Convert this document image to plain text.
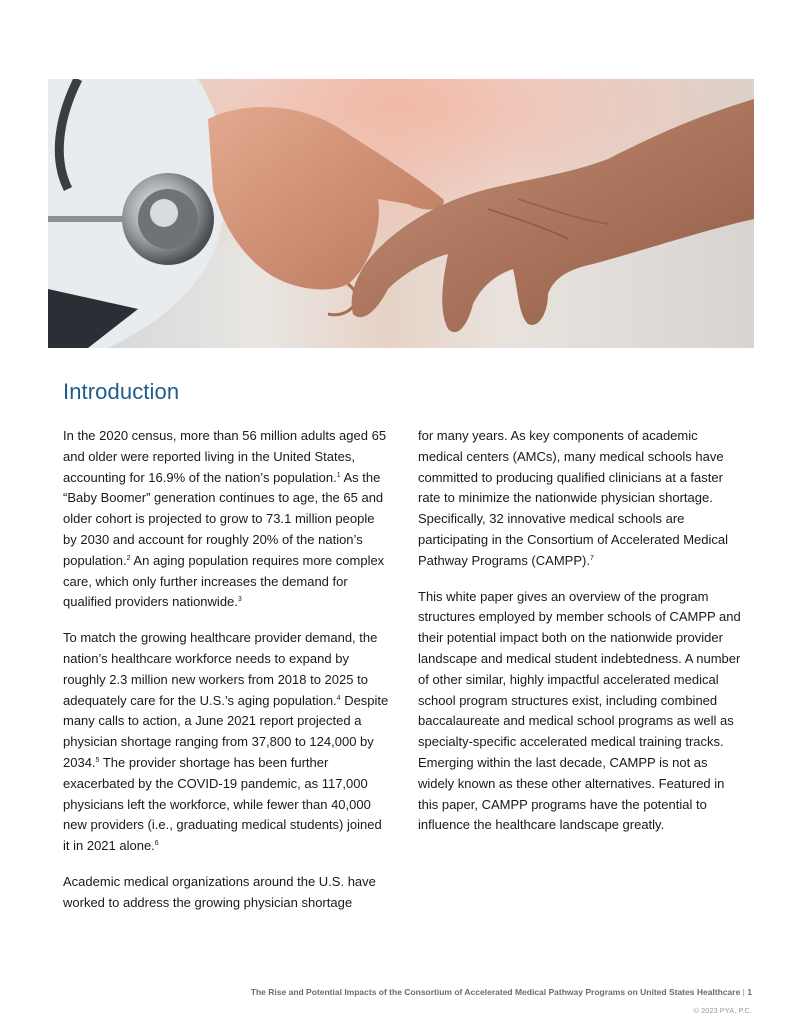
Introduction

In the 2020 census, more than 56 million adults aged 65 and older were reported living in the United States, accounting for 16.9% of the nation’s population.$^1$ As the “Baby Boomer” generation continues to age, the 65 and older cohort is projected to grow to 73.1 million people by 2030 and account for roughly 20% of the nation’s population.$^2$ An aging population requires more complex care, which only further increases the demand for qualified providers nationwide.$^3$

To match the growing healthcare provider demand, the nation’s healthcare workforce needs to expand by roughly 2.3 million new workers from 2018 to 2025 to adequately care for the U.S.’s aging population.$^4$ Despite many calls to action, a June 2021 report projected a physician shortage ranging from 37,800 to 124,000 by 2034.$^5$ The provider shortage has been further exacerbated by the COVID-19 pandemic, as 117,000 physicians left the workforce, while fewer than 40,000 new providers (i.e., graduating medical students) joined it in 2021 alone.$^6$

Academic medical organizations around the U.S. have worked to address the growing physician shortage

for many years. As key components of academic medical centers (AMCs), many medical schools have committed to producing qualified clinicians at a faster rate to minimize the nationwide physician shortage. Specifically, 32 innovative medical schools are participating in the Consortium of Accelerated Medical Pathway Programs (CAMPP).$^7$

This white paper gives an overview of the program structures employed by member schools of CAMPP and their potential impact both on the nationwide provider landscape and medical student indebtedness. A number of other similar, highly impactful accelerated medical school program structures exist, including combined baccalaureate and medical school programs as well as specialty-specific accelerated medical training tracks. Emerging within the last decade, CAMPP is not as widely known as these other alternatives. Featured in this paper, CAMPP programs have the potential to influence the healthcare landscape greatly.

The Rise and Potential Impacts of the Consortium of Accelerated Medical Pathway Programs on United States Healthcare | 1
© 2023 PYA, P.C.
